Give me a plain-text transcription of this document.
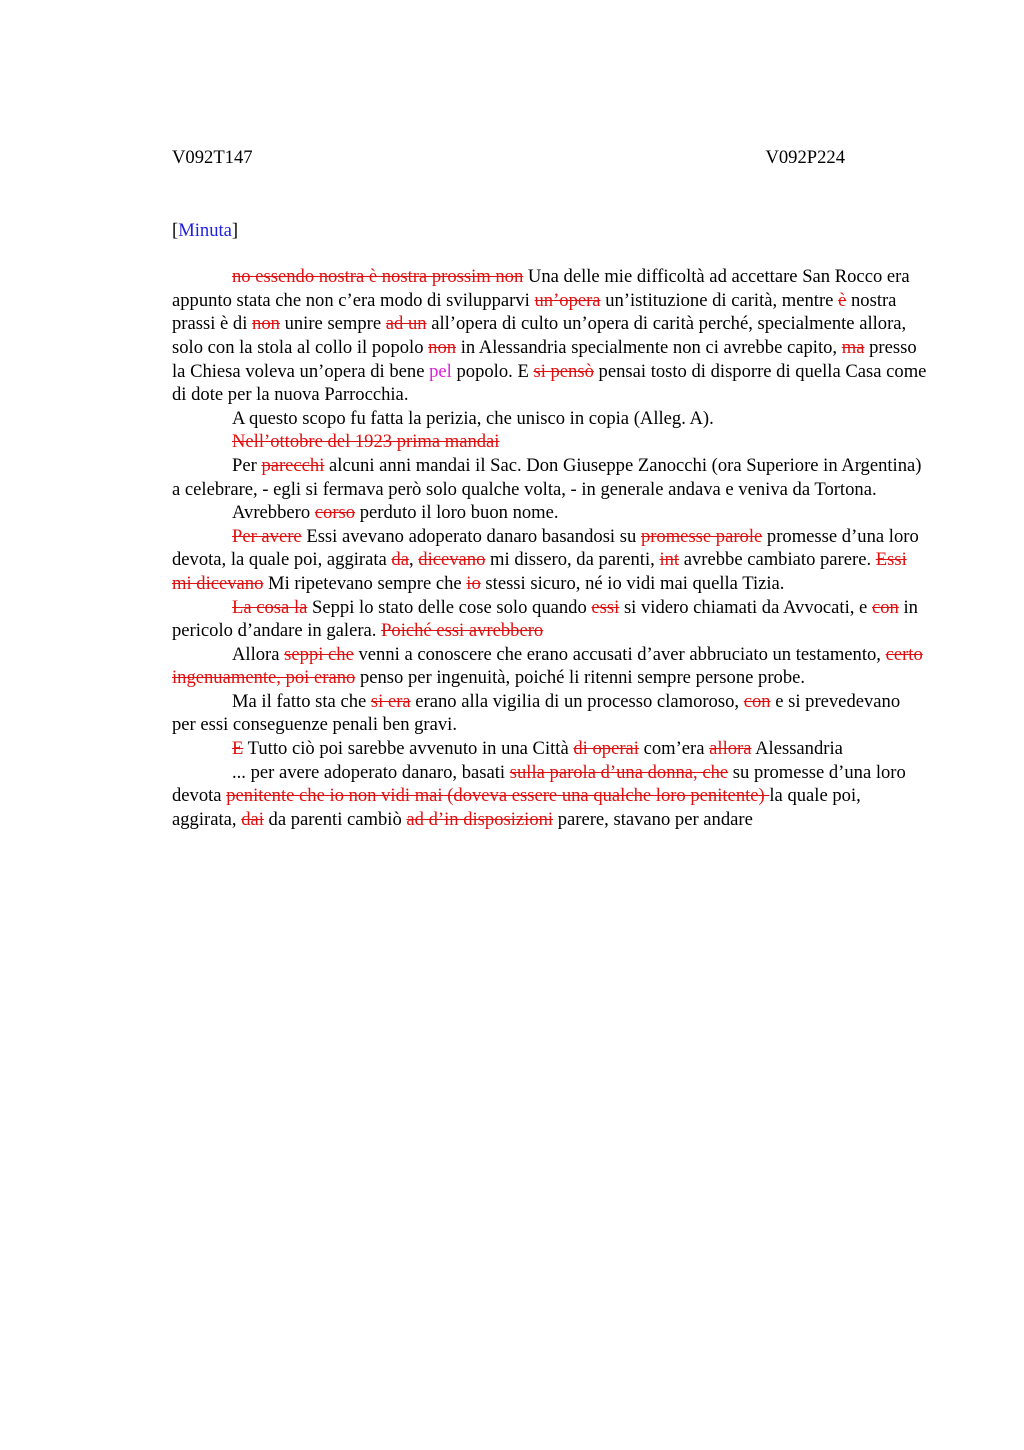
V092T147	V092P224
[Minuta]

no essendo nostra è nostra prossim non Una delle mie difficoltà ad accettare San Rocco era appunto stata che non c’era modo di svilupparvi un’opera un’istituzione di carità, mentre è nostra prassi è di non unire sempre ad un all’opera di culto un’opera di carità perché, specialmente allora, solo con la stola al collo il popolo non in Alessandria specialmente non ci avrebbe capito, ma presso la Chiesa voleva un’opera di bene pel popolo. E si pensò pensai tosto di disporre di quella Casa come di dote per la nuova Parrocchia.

A questo scopo fu fatta la perizia, che unisco in copia (Alleg. A).

Nell’ottobre del 1923 prima mandai

Per parecchi alcuni anni mandai il Sac. Don Giuseppe Zanocchi (ora Superiore in Argentina) a celebrare, - egli si fermava però solo qualche volta, - in generale andava e veniva da Tortona.

Avrebbero corso perduto il loro buon nome.

Per avere Essi avevano adoperato danaro basandosi su promesse parole promesse d’una loro devota, la quale poi, aggirata da, dicevano mi dissero, da parenti, int avrebbe cambiato parere. Essi mi dicevano Mi ripetevano sempre che io stessi sicuro, né io vidi mai quella Tizia.

La cosa la Seppi lo stato delle cose solo quando essi si videro chiamati da Avvocati, e con in pericolo d’andare in galera. Poiché essi avrebbero

Allora seppi che venni a conoscere che erano accusati d’aver abbruciato un testamento, certo ingenuamente, poi erano penso per ingenuità, poiché li ritenni sempre persone probe.

Ma il fatto sta che si era erano alla vigilia di un processo clamoroso, con e si prevedevano per essi conseguenze penali ben gravi.

E Tutto ciò poi sarebbe avvenuto in una Città di operai com’era allora Alessandria

... per avere adoperato danaro, basati sulla parola d’una donna, che su promesse d’una loro devota penitente che io non vidi mai (doveva essere una qualche loro penitente) la quale poi, aggirata, dai da parenti cambiò ad d’in disposizioni parere, stavano per andare
